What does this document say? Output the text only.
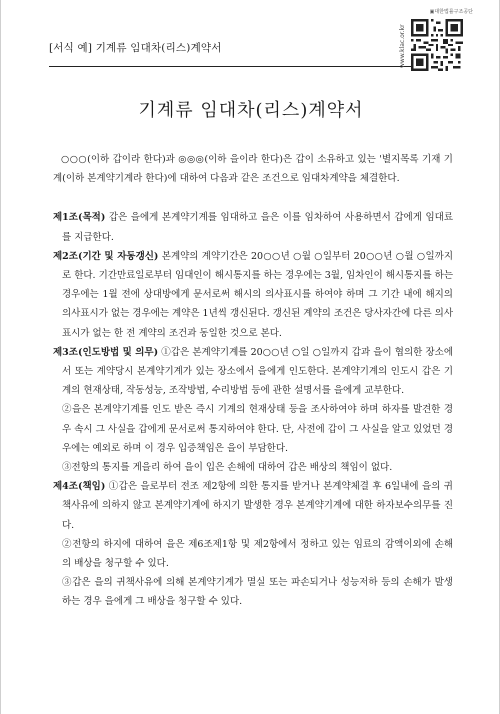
[서식 예] 기계류 임대차(리스)계약서
▣대한법률구조공단
www.klac.or.kr
기계류 임대차(리스)계약서

○○○(이하 갑이라 한다)과 ◎◎◎(이하 을이라 한다)은 갑이 소유하고 있는 '별지목록 기재 기계(이하 본계약기계라 한다)에 대하여 다음과 같은 조건으로 임대차계약을 체결한다.

제1조(목적) 갑은 을에게 본계약기계를 임대하고 을은 이를 임차하여 사용하면서 갑에게 임대료를 지급한다.

제2조(기간 및 자동갱신) 본계약의 계약기간은 20○○년 ○월 ○일부터 20○○년 ○월 ○일까지로 한다. 기간만료일로부터 임대인이 해시통지를 하는 경우에는 3월, 임차인이 해시통지를 하는 경우에는 1월 전에 상대방에게 문서로써 해시의 의사표시를 하여야 하며 그 기간 내에 해지의 의사표시가 없는 경우에는 계약은 1년씩 갱신된다. 갱신된 계약의 조건은 당사자간에 다른 의사표시가 없는 한 전 계약의 조건과 동일한 것으로 본다.

제3조(인도방법 및 의무) ①갑은 본계약기계를 20○○년 ○일 ○일까지 갑과 을이 협의한 장소에서 또는 계약당시 본계약기계가 있는 장소에서 을에게 인도한다. 본계약기계의 인도시 갑은 기계의 현재상태, 작동성능, 조작방법, 수리방법 등에 관한 설명서를 을에게 교부한다.

②을은 본계약기계를 인도 받은 즉시 기계의 현재상태 등을 조사하여야 하며 하자를 발견한 경우 속시 그 사실을 갑에게 문서로써 통지하여야 한다. 단, 사전에 갑이 그 사실을 알고 있었던 경우에는 예외로 하며 이 경우 입증책임은 을이 부담한다.

③전항의 통지를 게을리 하여 을이 입은 손해에 대하여 갑은 배상의 책임이 없다.

제4조(책임) ①갑은 을로부터 전조 제2항에 의한 통지를 받거나 본계약체결 후 6일내에 을의 귀책사유에 의하지 않고 본계약기계에 하지기 발생한 경우 본계약기계에 대한 하자보수의무를 진다.

②전항의 하지에 대하여 을은 제6조제1항 및 제2항에서 정하고 있는 임료의 감액이외에 손해의 배상을 청구할 수 있다.

③갑은 을의 귀책사유에 의해 본계약기계가 멸실 또는 파손되거나 성능저하 등의 손해가 발생하는 경우 을에게 그 배상을 청구할 수 있다.
